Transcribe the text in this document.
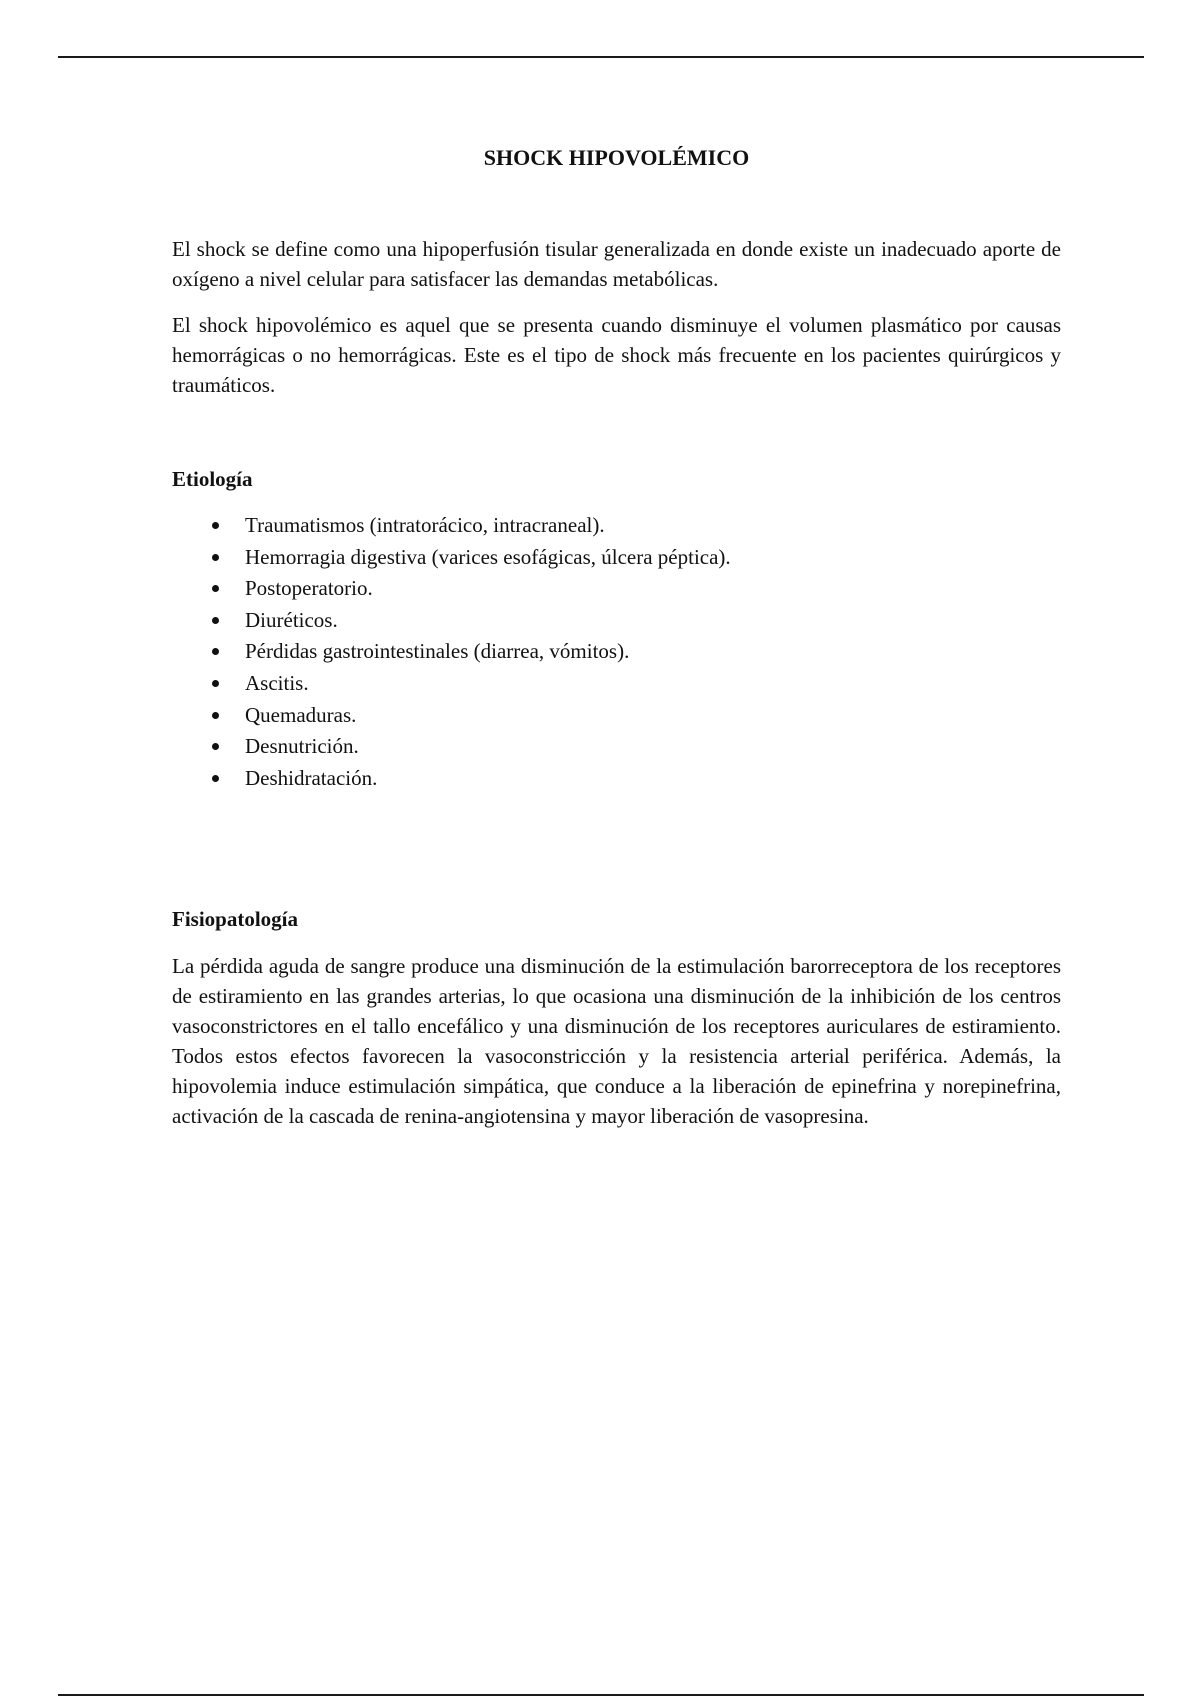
SHOCK HIPOVOLÉMICO

El shock se define como una hipoperfusión tisular generalizada en donde existe un inadecuado aporte de oxígeno a nivel celular para satisfacer las demandas metabólicas.

El shock hipovolémico es aquel que se presenta cuando disminuye el volumen plasmático por causas hemorrágicas o no hemorrágicas. Este es el tipo de shock más frecuente en los pacientes quirúrgicos y traumáticos.

Etiología
Traumatismos (intratorácico, intracraneal).
Hemorragia digestiva (varices esofágicas, úlcera péptica).
Postoperatorio.
Diuréticos.
Pérdidas gastrointestinales (diarrea, vómitos).
Ascitis.
Quemaduras.
Desnutrición.
Deshidratación.
Fisiopatología

La pérdida aguda de sangre produce una disminución de la estimulación barorreceptora de los receptores de estiramiento en las grandes arterias, lo que ocasiona una disminución de la inhibición de los centros vasoconstrictores en el tallo encefálico y una disminución de los receptores auriculares de estiramiento. Todos estos efectos favorecen la vasoconstricción y la resistencia arterial periférica. Además, la hipovolemia induce estimulación simpática, que conduce a la liberación de epinefrina y norepinefrina, activación de la cascada de renina-angiotensina y mayor liberación de vasopresina.
